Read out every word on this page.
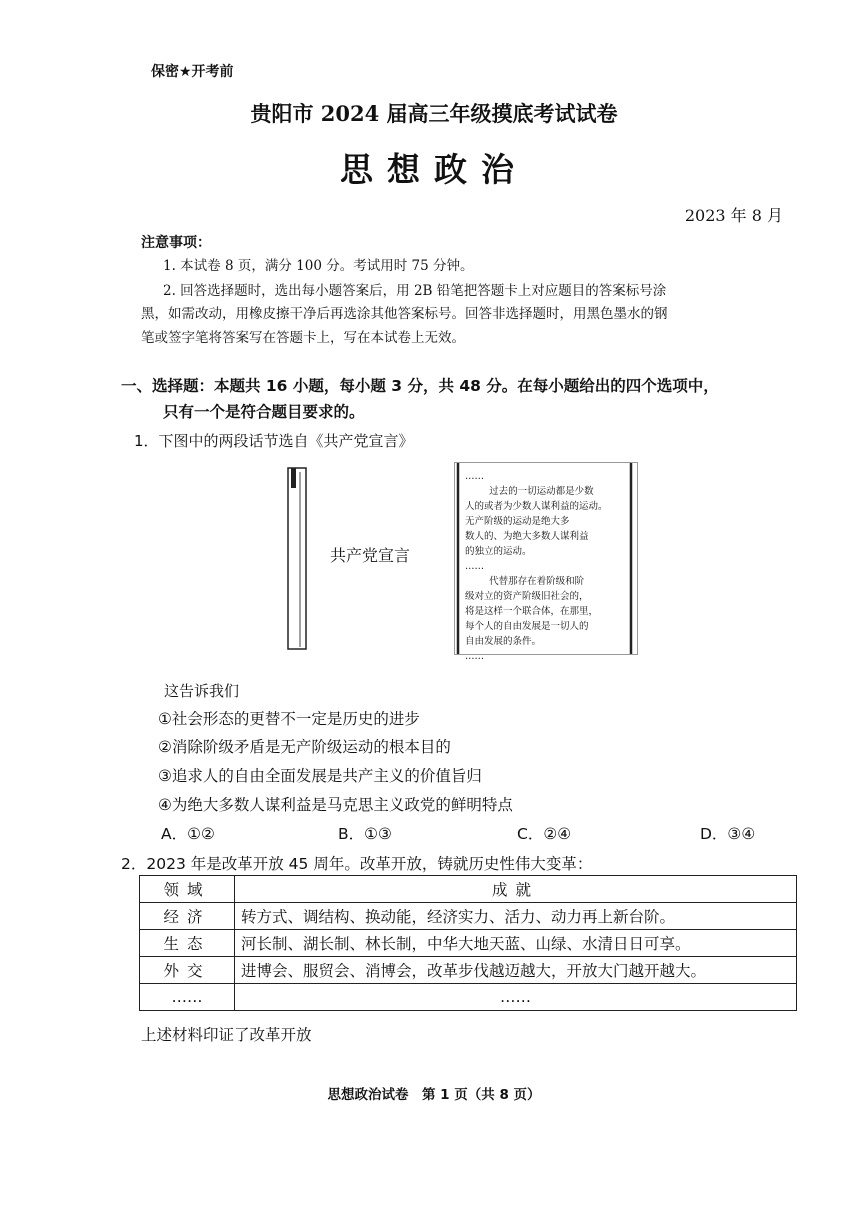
保密★开考前
贵阳市 2024 届高三年级摸底考试试卷
思想政治
2023 年 8 月
注意事项：
1. 本试卷 8 页，满分 100 分。考试用时 75 分钟。
2. 回答选择题时，选出每小题答案后，用 2B 铅笔把答题卡上对应题目的答案标号涂
黑，如需改动，用橡皮擦干净后再选涂其他答案标号。回答非选择题时，用黑色墨水的钢
笔或签字笔将答案写在答题卡上，写在本试卷上无效。
一、选择题：本题共 16 小题，每小题 3 分，共 48 分。在每小题给出的四个选项中，
只有一个是符合题目要求的。
1．下图中的两段话节选自《共产党宣言》
共产党宣言
……
过去的一切运动都是少数
人的或者为少数人谋利益的运动。
无产阶级的运动是绝大多
数人的、为绝大多数人谋利益
的独立的运动。
……
代替那存在着阶级和阶
级对立的资产阶级旧社会的，
将是这样一个联合体，在那里，
每个人的自由发展是一切人的
自由发展的条件。
……
这告诉我们
①社会形态的更替不一定是历史的进步
②消除阶级矛盾是无产阶级运动的根本目的
③追求人的自由全面发展是共产主义的价值旨归
④为绝大多数人谋利益是马克思主义政党的鲜明特点
A．①②	B．①③	C．②④	D．③④
2．2023 年是改革开放 45 周年。改革开放，铸就历史性伟大变革：
领域	成就
经济	转方式、调结构、换动能，经济实力、活力、动力再上新台阶。
生态	河长制、湖长制、林长制，中华大地天蓝、山绿、水清日日可享。
外交	进博会、服贸会、消博会，改革步伐越迈越大，开放大门越开越大。
……	……
上述材料印证了改革开放
思想政治试卷　第 1 页（共 8 页）
